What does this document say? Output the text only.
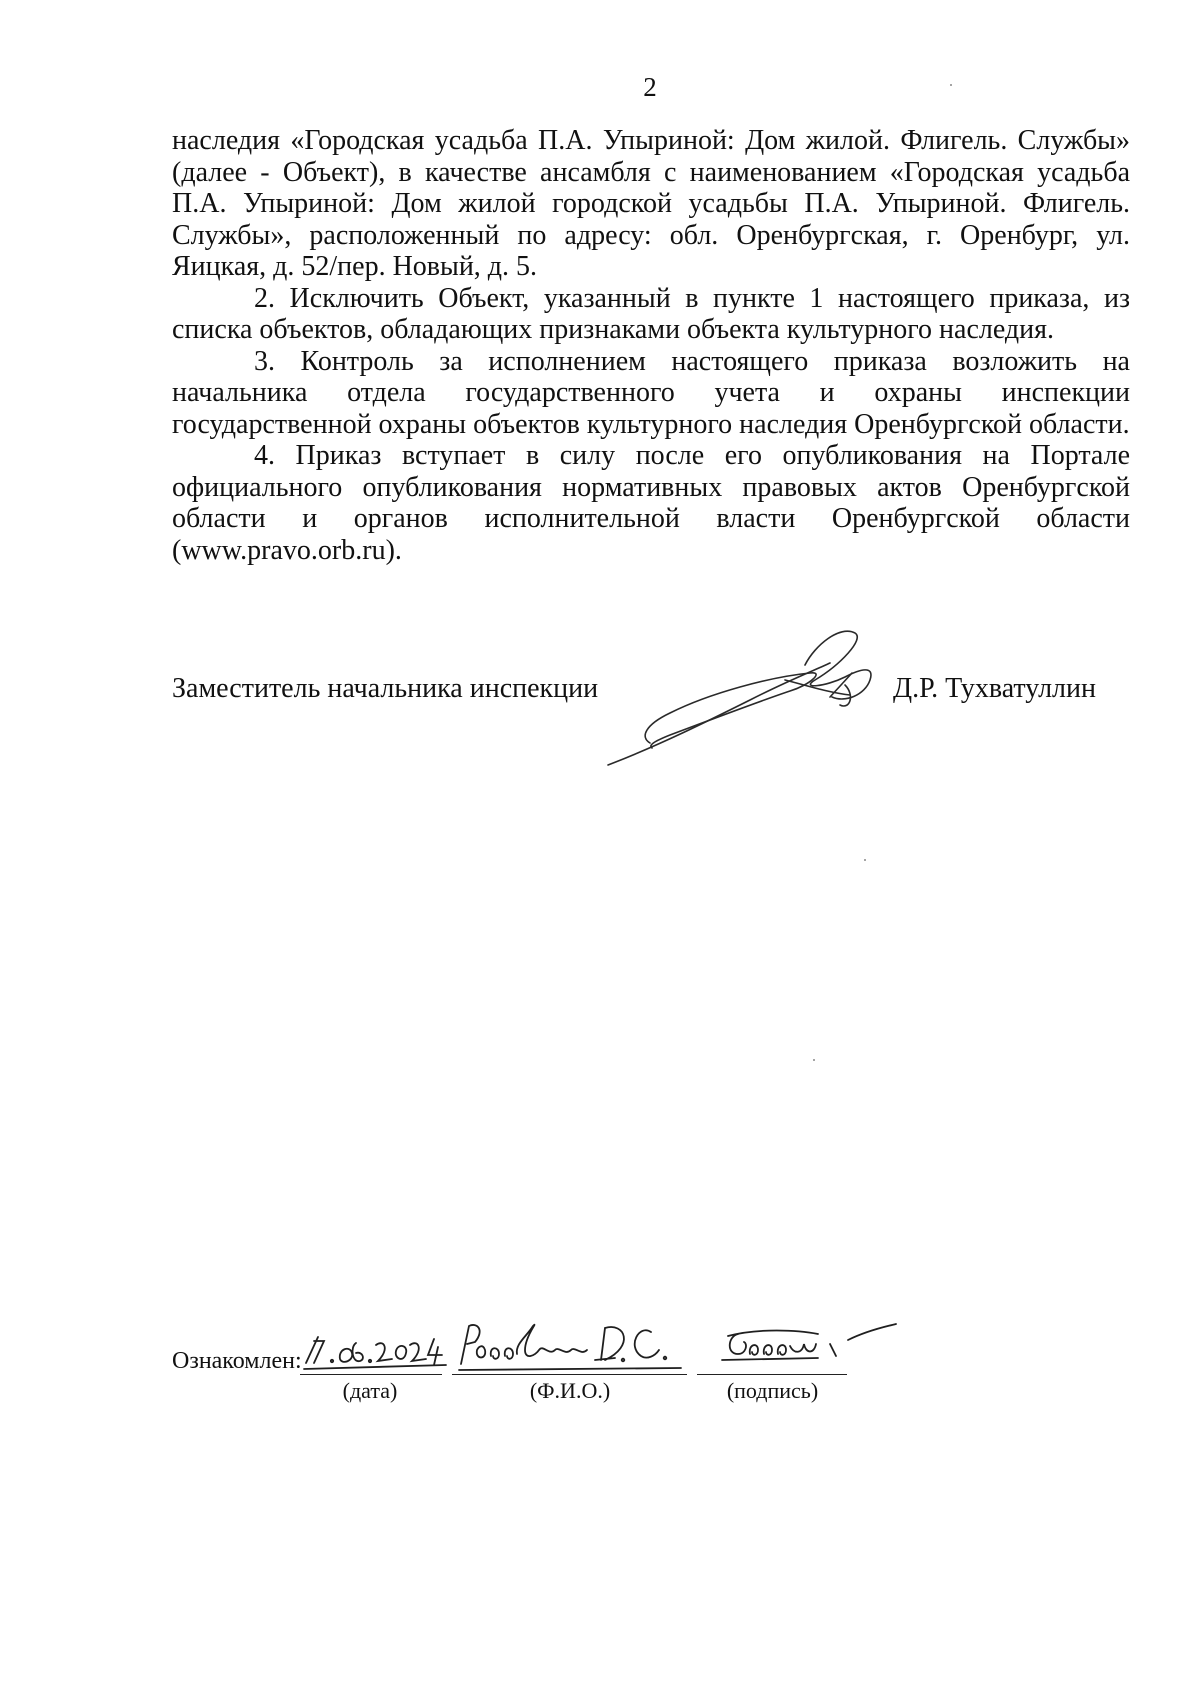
2

наследия «Городская усадьба П.А. Упыриной: Дом жилой. Флигель. Службы» (далее - Объект), в качестве ансамбля с наименованием «Городская усадьба П.А. Упыриной: Дом жилой городской усадьбы П.А. Упыриной. Флигель. Службы», расположенный по адресу: обл. Оренбургская, г. Оренбург, ул. Яицкая, д. 52/пер. Новый, д. 5.

2. Исключить Объект, указанный в пункте 1 настоящего приказа, из списка объектов, обладающих признаками объекта культурного наследия.

3. Контроль за исполнением настоящего приказа возложить на начальника отдела государственного учета и охраны инспекции государственной охраны объектов культурного наследия Оренбургской области.

4. Приказ вступает в силу после его опубликования на Портале официального опубликования нормативных правовых актов Оренбургской области и органов исполнительной власти Оренбургской области (www.pravo.orb.ru).

Заместитель начальника инспекции	Д.Р. Тухватуллин
Ознакомлен:
(дата)	(Ф.И.О.)	(подпись)
